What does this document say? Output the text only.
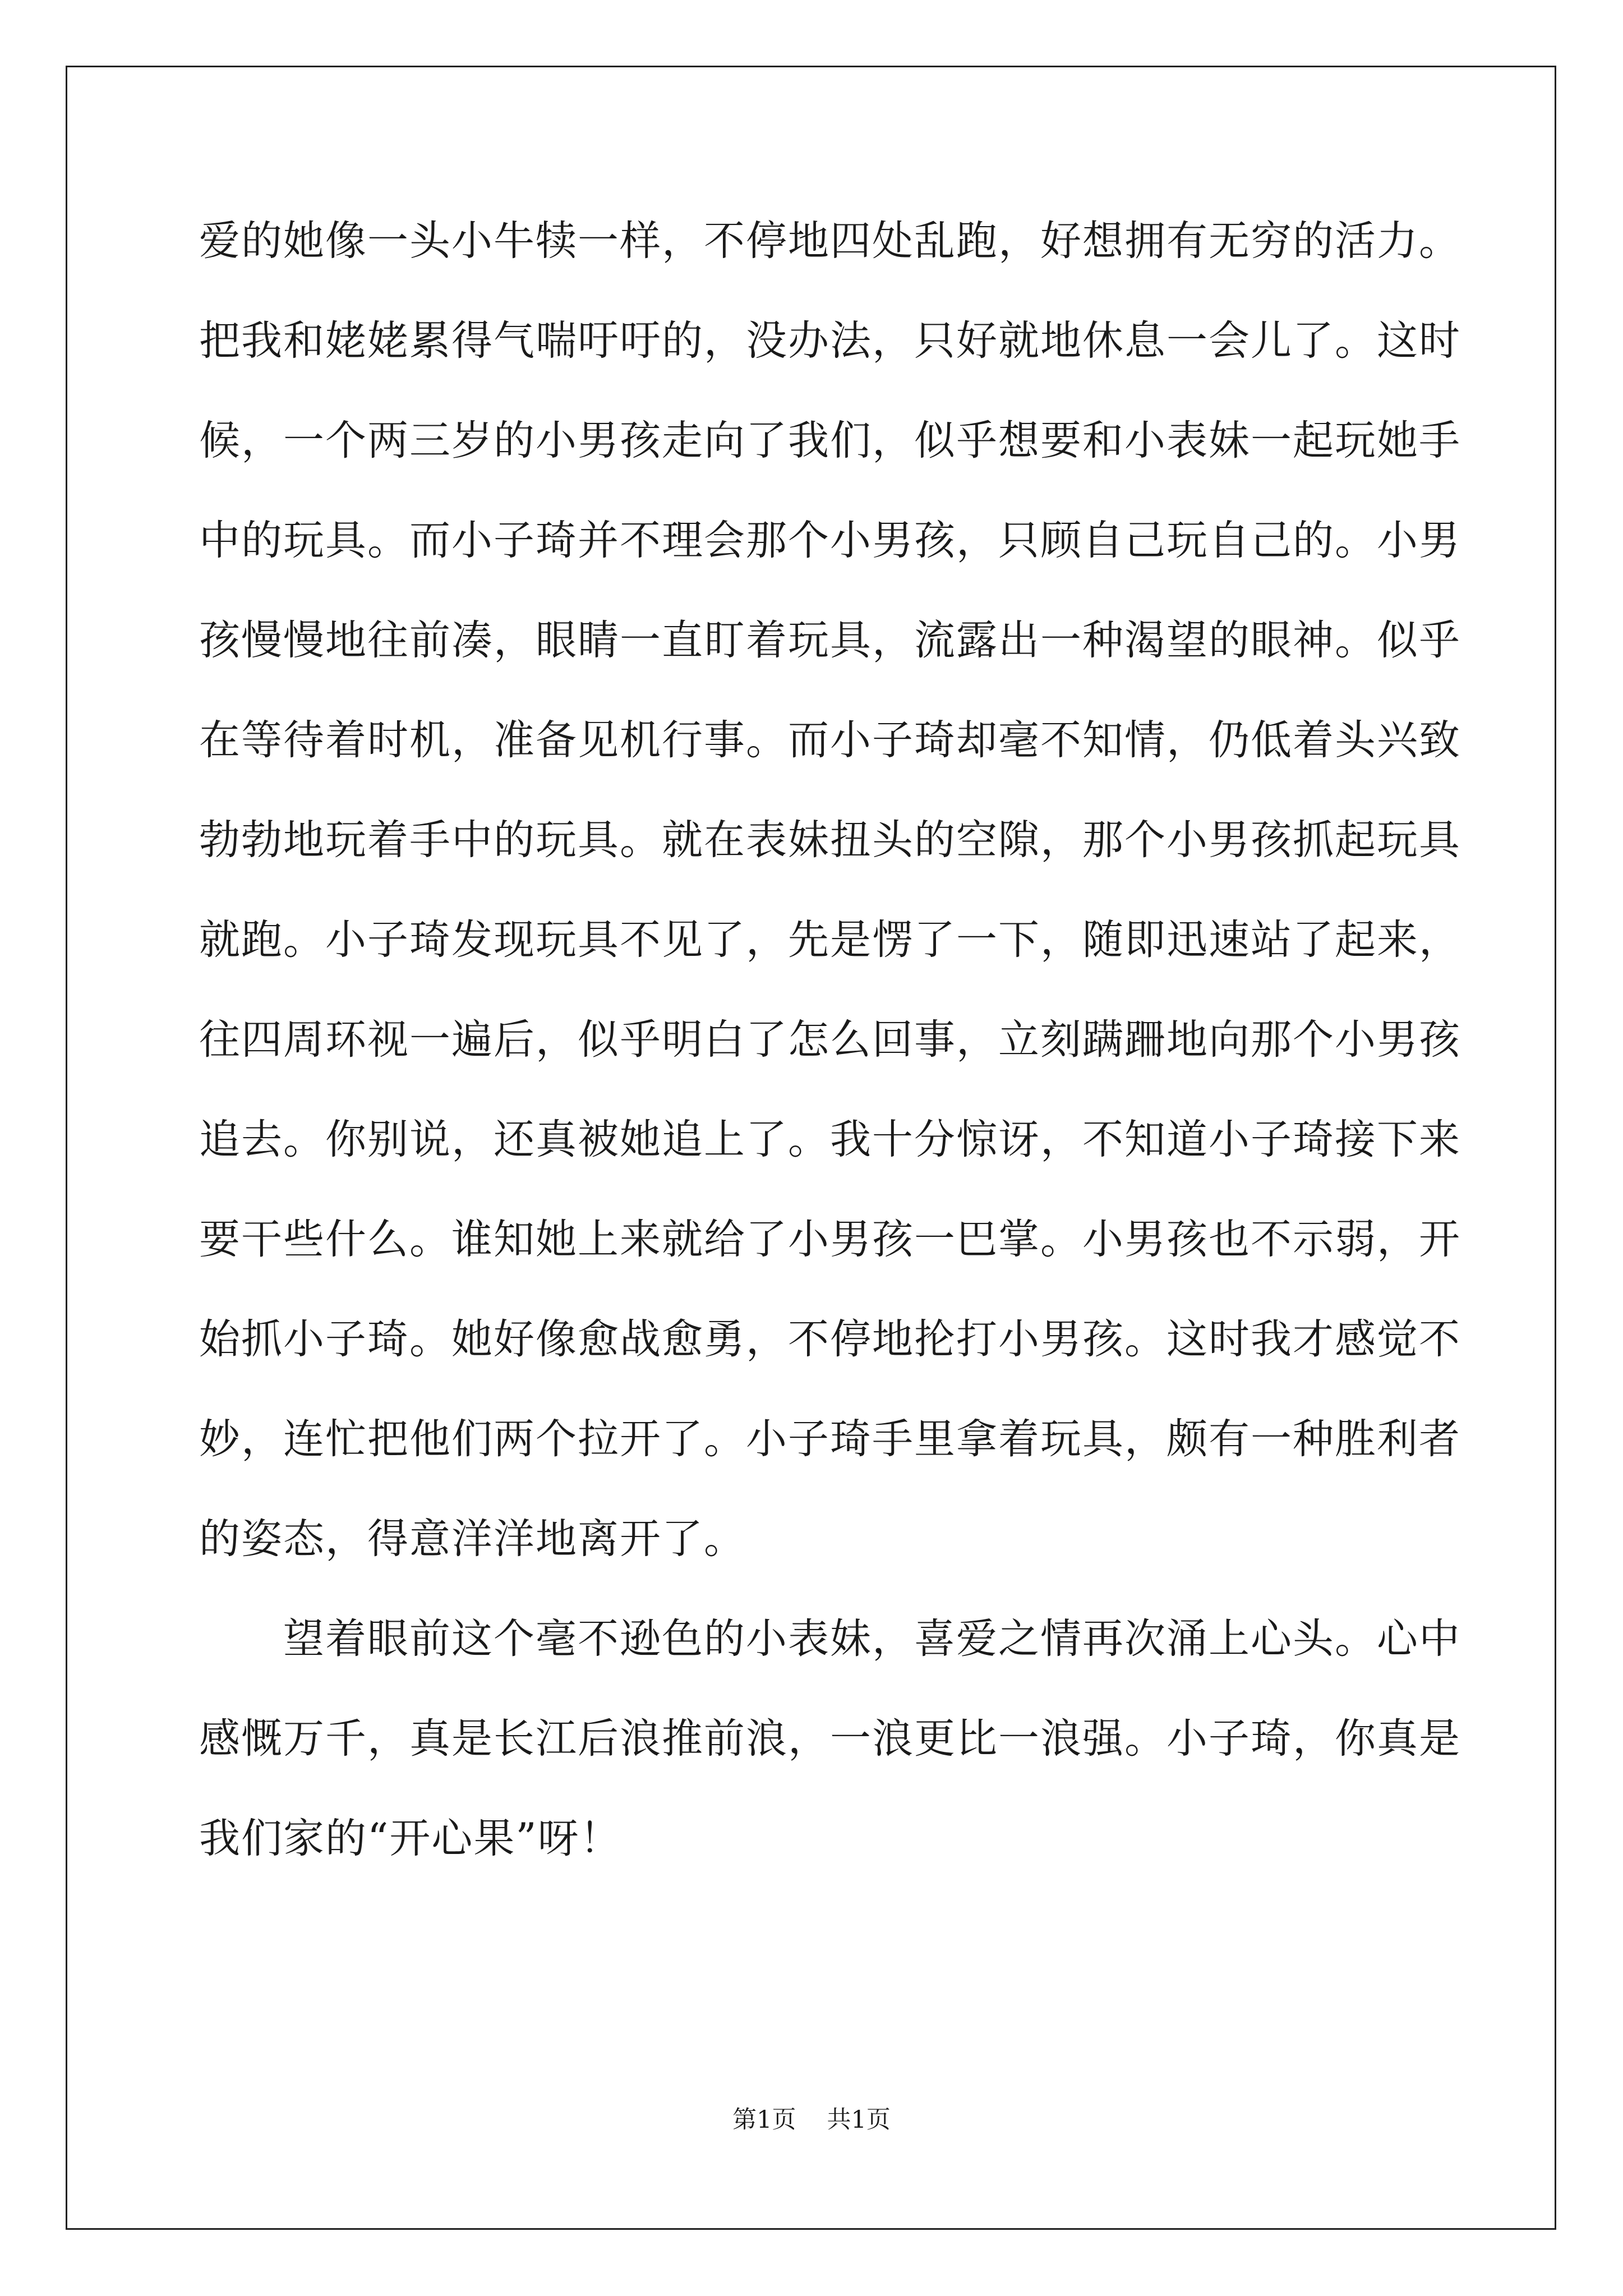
爱的她像一头小牛犊一样，不停地四处乱跑，好想拥有无穷的活力。
把我和姥姥累得气喘吁吁的，没办法，只好就地休息一会儿了。这时
候，一个两三岁的小男孩走向了我们，似乎想要和小表妹一起玩她手
中的玩具。而小子琦并不理会那个小男孩，只顾自己玩自己的。小男
孩慢慢地往前凑，眼睛一直盯着玩具，流露出一种渴望的眼神。似乎
在等待着时机，准备见机行事。而小子琦却毫不知情，仍低着头兴致
勃勃地玩着手中的玩具。就在表妹扭头的空隙，那个小男孩抓起玩具
就跑。小子琦发现玩具不见了，先是愣了一下，随即迅速站了起来，
往四周环视一遍后，似乎明白了怎么回事，立刻蹒跚地向那个小男孩
追去。你别说，还真被她追上了。我十分惊讶，不知道小子琦接下来
要干些什么。谁知她上来就给了小男孩一巴掌。小男孩也不示弱，开
始抓小子琦。她好像愈战愈勇，不停地抡打小男孩。这时我才感觉不
妙，连忙把他们两个拉开了。小子琦手里拿着玩具，颇有一种胜利者
的姿态，得意洋洋地离开了。
望着眼前这个毫不逊色的小表妹，喜爱之情再次涌上心头。心中
感慨万千，真是长江后浪推前浪，一浪更比一浪强。小子琦，你真是
我们家的“开心果”呀！
第1页 共1页
